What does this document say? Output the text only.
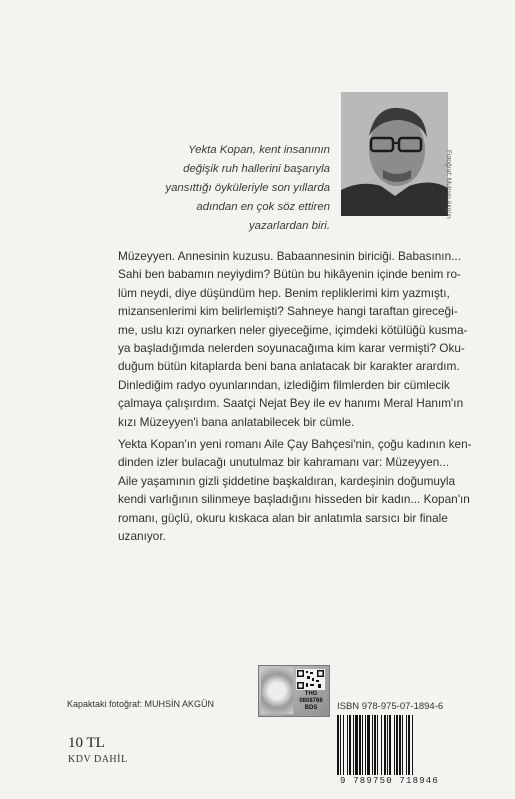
Yekta Kopan, kent insanının
değişik ruh hallerini başarıyla
yansıttığı öyküleriyle son yıllarda
adından en çok söz ettiren
yazarlardan biri.
Fotoğraf: Muhsin Akgün
Müzeyyen. Annesinin kuzusu. Babaannesinin biriciği. Babasının...
Sahi ben babamın neyiydim? Bütün bu hikâyenin içinde benim ro-
lüm neydi, diye düşündüm hep. Benim repliklerimi kim yazmıştı,
mizansenlerimi kim belirlemişti? Sahneye hangi taraftan gireceği-
me, uslu kızı oynarken neler giyeceğime, içimdeki kötülüğü kusma-
ya başladığımda nelerden soyunacağıma kim karar vermişti? Oku-
duğum bütün kitaplarda beni bana anlatacak bir karakter arardım.
Dinlediğim radyo oyunlarından, izlediğim filmlerden bir cümlecik
çalmaya çalışırdım. Saatçi Nejat Bey ile ev hanımı Meral Hanım'ın
kızı Müzeyyen'i bana anlatabilecek bir cümle.
Yekta Kopan'ın yeni romanı Aile Çay Bahçesi'nin, çoğu kadının ken-
dinden izler bulacağı unutulmaz bir kahramanı var: Müzeyyen...
Aile yaşamının gizli şiddetine başkaldıran, kardeşinin doğumuyla
kendi varlığının silinmeye başladığını hisseden bir kadın... Kopan'ın
romanı, güçlü, okuru kıskaca alan bir anlatımla sarsıcı bir finale
uzanıyor.
Kapaktaki fotoğraf: MUHSİN AKGÜN
10 TL
KDV DAHİL
THG
0808766
BDS	ISBN 978-975-07-1894-6
9 789750 718946
